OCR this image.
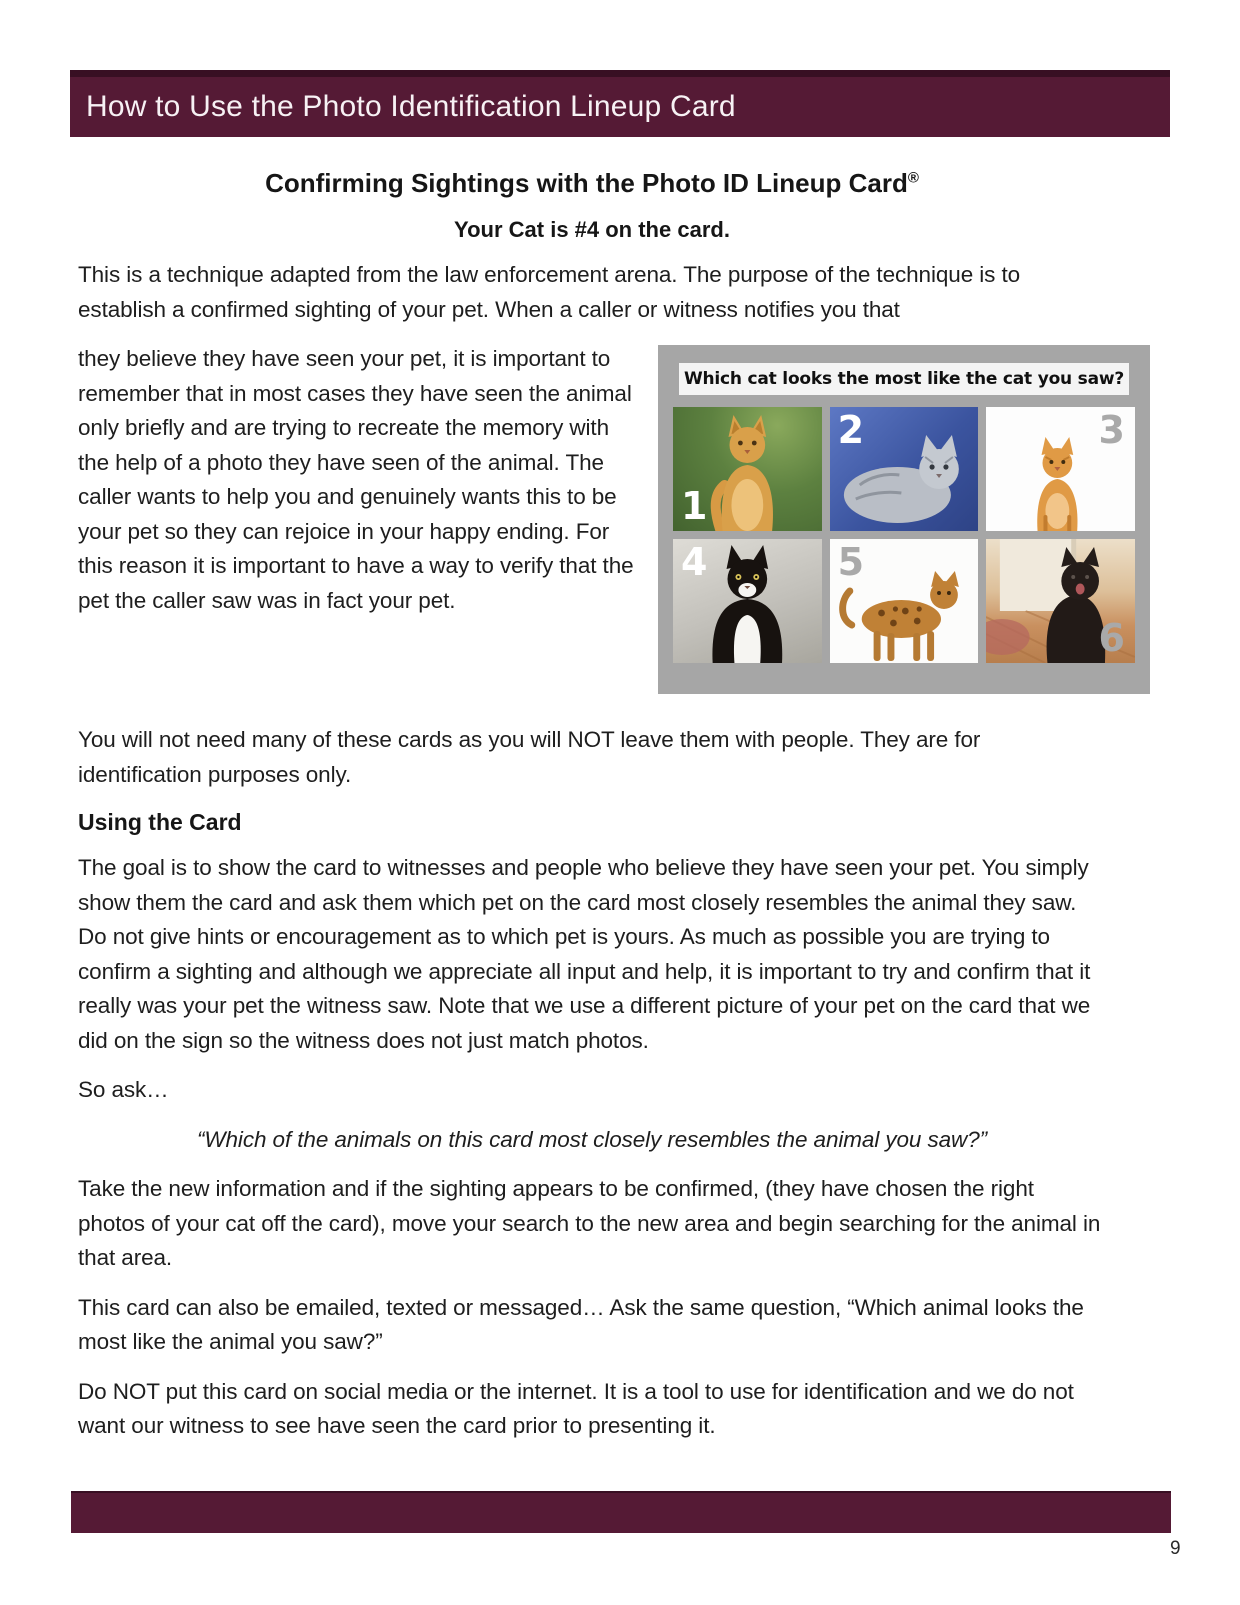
How to Use the Photo Identification Lineup Card
Confirming Sightings with the Photo ID Lineup Card®
Your Cat is #4 on the card.

This is a technique adapted from the law enforcement arena. The purpose of the technique is to establish a confirmed sighting of your pet. When a caller or witness notifies you that

Which cat looks the most like the cat you saw?
1
2	3
4	5
6

they believe they have seen your pet, it is important to remember that in most cases they have seen the animal only briefly and are trying to recreate the memory with the help of a photo they have seen of the animal. The caller wants to help you and genuinely wants this to be your pet so they can rejoice in your happy ending. For this reason it is important to have a way to verify that the pet the caller saw was in fact your pet.

You will not need many of these cards as you will NOT leave them with people. They are for identification purposes only.

Using the Card

The goal is to show the card to witnesses and people who believe they have seen your pet. You simply show them the card and ask them which pet on the card most closely resembles the animal they saw. Do not give hints or encouragement as to which pet is yours. As much as possible you are trying to confirm a sighting and although we appreciate all input and help, it is important to try and confirm that it really was your pet the witness saw. Note that we use a different picture of your pet on the card that we did on the sign so the witness does not just match photos.

So ask…

“Which of the animals on this card most closely resembles the animal you saw?”

Take the new information and if the sighting appears to be confirmed, (they have chosen the right photos of your cat off the card), move your search to the new area and begin searching for the animal in that area.

This card can also be emailed, texted or messaged… Ask the same question, “Which animal looks the most like the animal you saw?”

Do NOT put this card on social media or the internet. It is a tool to use for identification and we do not want our witness to see have seen the card prior to presenting it.

9
